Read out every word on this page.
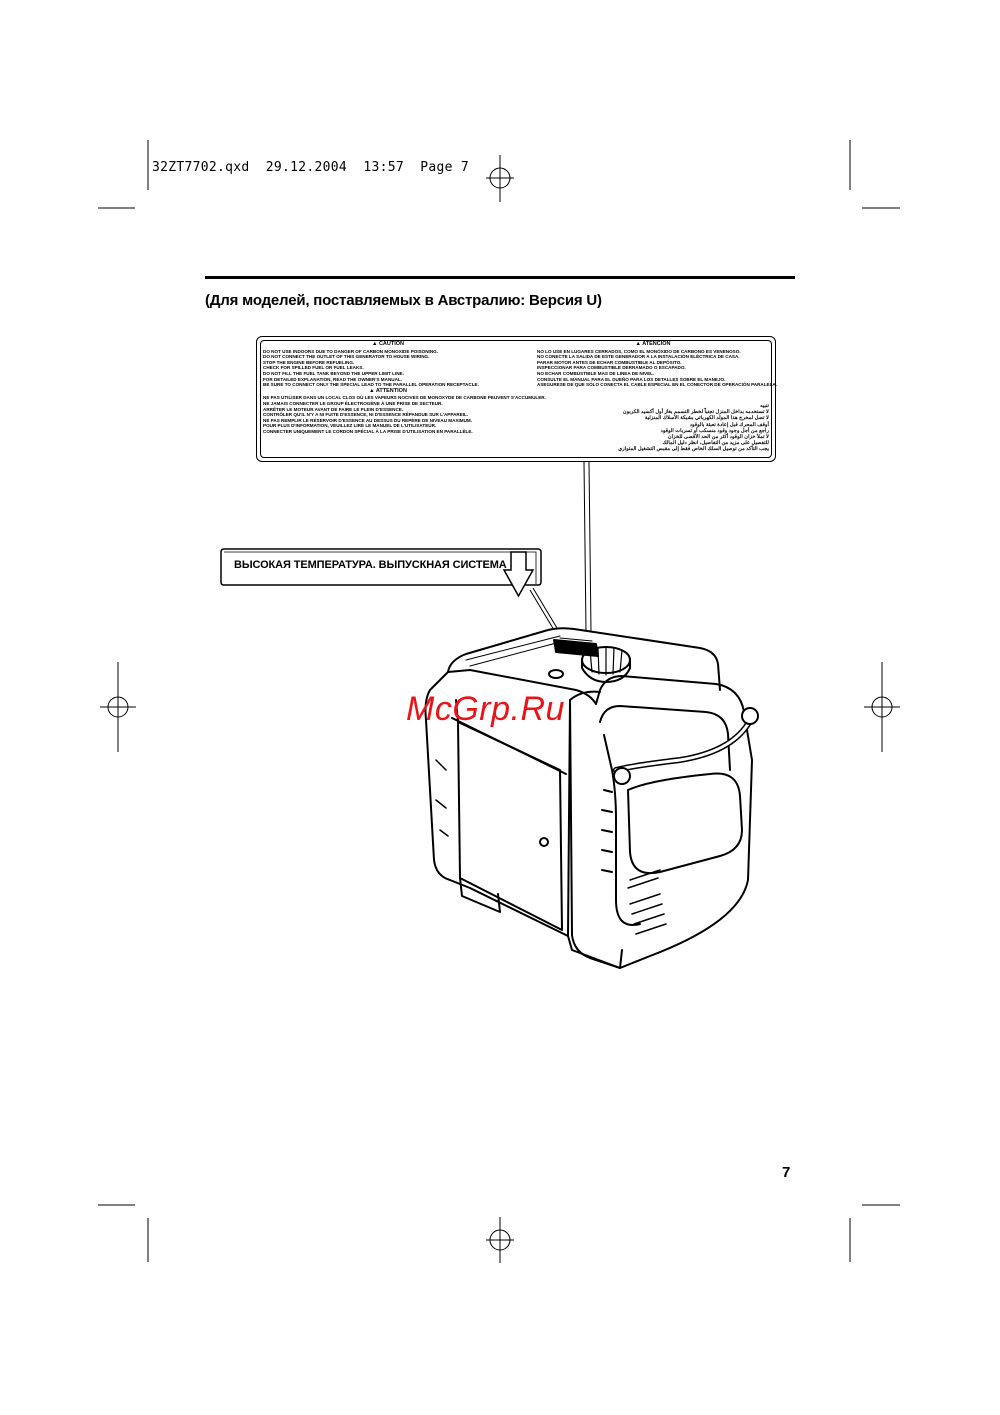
32ZT7702.qxd 29.12.2004 13:57 Page 7
(Для моделей, поставляемых в Австралию: Версия U)
▲ CAUTION
DO NOT USE INDOORS DUE TO DANGER OF CARBON MONOXIDE POISONING.
DO NOT CONNECT THE OUTLET OF THIS GENERATOR TO HOUSE WIRING.
STOP THE ENGINE BEFORE REFUELING.
CHECK FOR SPILLED FUEL OR FUEL LEAKS.
DO NOT FILL THE FUEL TANK BEYOND THE UPPER LIMIT LINE.
FOR DETAILED EXPLANATION, READ THE OWNER'S MANUAL.
BE SURE TO CONNECT ONLY THE SPECIAL LEAD TO THE PARALLEL OPERATION RECEPTACLE.
▲ ATTENTION
NE PAS UTILISER DANS UN LOCAL CLOS OÙ LES VAPEURS NOCIVES DE MONOXYDE DE CARBONE PEUVENT S'ACCUMULER.
NE JAMAIS CONNECTER LE GROUP ÉLECTROGÈNE À UNE PRISE DE SECTEUR.
ARRÊTER LE MOTEUR AVANT DE FAIRE LE PLEIN D'ESSENCE.
CONTRÔLER QU'IL N'Y A NI FUITE D'ESSENCE, NI D'ESSENCE RÉPANDUE SUR L'APPAREIL.
NE PAS REMPLIR LE RÉSERVOIR D'ESSENCE AU DESSUS DU REPÈRE DE NIVEAU MAXIMUM.
POUR PLUS D'INFORMATION, VEUILLEZ LIRE LE MANUEL DE L'UTILISATEUR.
CONNECTER UNIQUEMENT LE CORDON SPÉCIAL À LA PRISE D'UTILISATION EN PARALLÈLE.
▲ ATENCION
NO LO USE EN LUGARES CERRADOS, COMO EL MONÓXIDO DE CARBONO ES VENENOSO.
NO CONECTE LA SALIDA DE ESTE GENERADOR A LA INSTALACIÓN ELÉCTRICA DE CASA.
PARAR MOTOR ANTES DE ECHAR COMBUSTIBLE AL DEPÓSITO.
INSPECCIONAR PARA COMBUSTIBLE DERRAMADO O ESCAPADO.
NO ECHAR COMBUSTIBLE MAS DE LINEA DE NIVEL.
CONSULTE EL MANUAL PARA EL DUEÑO PARA LOS DETALLES SOBRE EL MANEJO.
ASEGURESE DE QUE SÓLO CONECTA EL CABLE ESPECIAL EN EL CONECTOR DE OPERACIÓN PARALELA.
تنبيه
لا تستخدمه بداخل المنزل تجنباً لخطر التسمم بغاز أول أكسيد الكربون
لا تصل لمخرج هذا المولد الكهربائي بشبكة الأسلاك المنزلية
أوقف المحرك قبل إعادة تعبئة بالوقود
راجع من أجل وجود وقود منسكب أو تسربات الوقود
لا تملأ خزان الوقود أكثر من الحد الأقصى للخزان
للتفصيل على مزيد من التفاصيل، انظر دليل المالك
يجب التأكد من توصيل السلك الخاص فقط إلى مقبس التشغيل المتوازي
ВЫСОКАЯ ТЕМПЕРАТУРА. ВЫПУСКНАЯ СИСТЕМА
McGrp.Ru
7
